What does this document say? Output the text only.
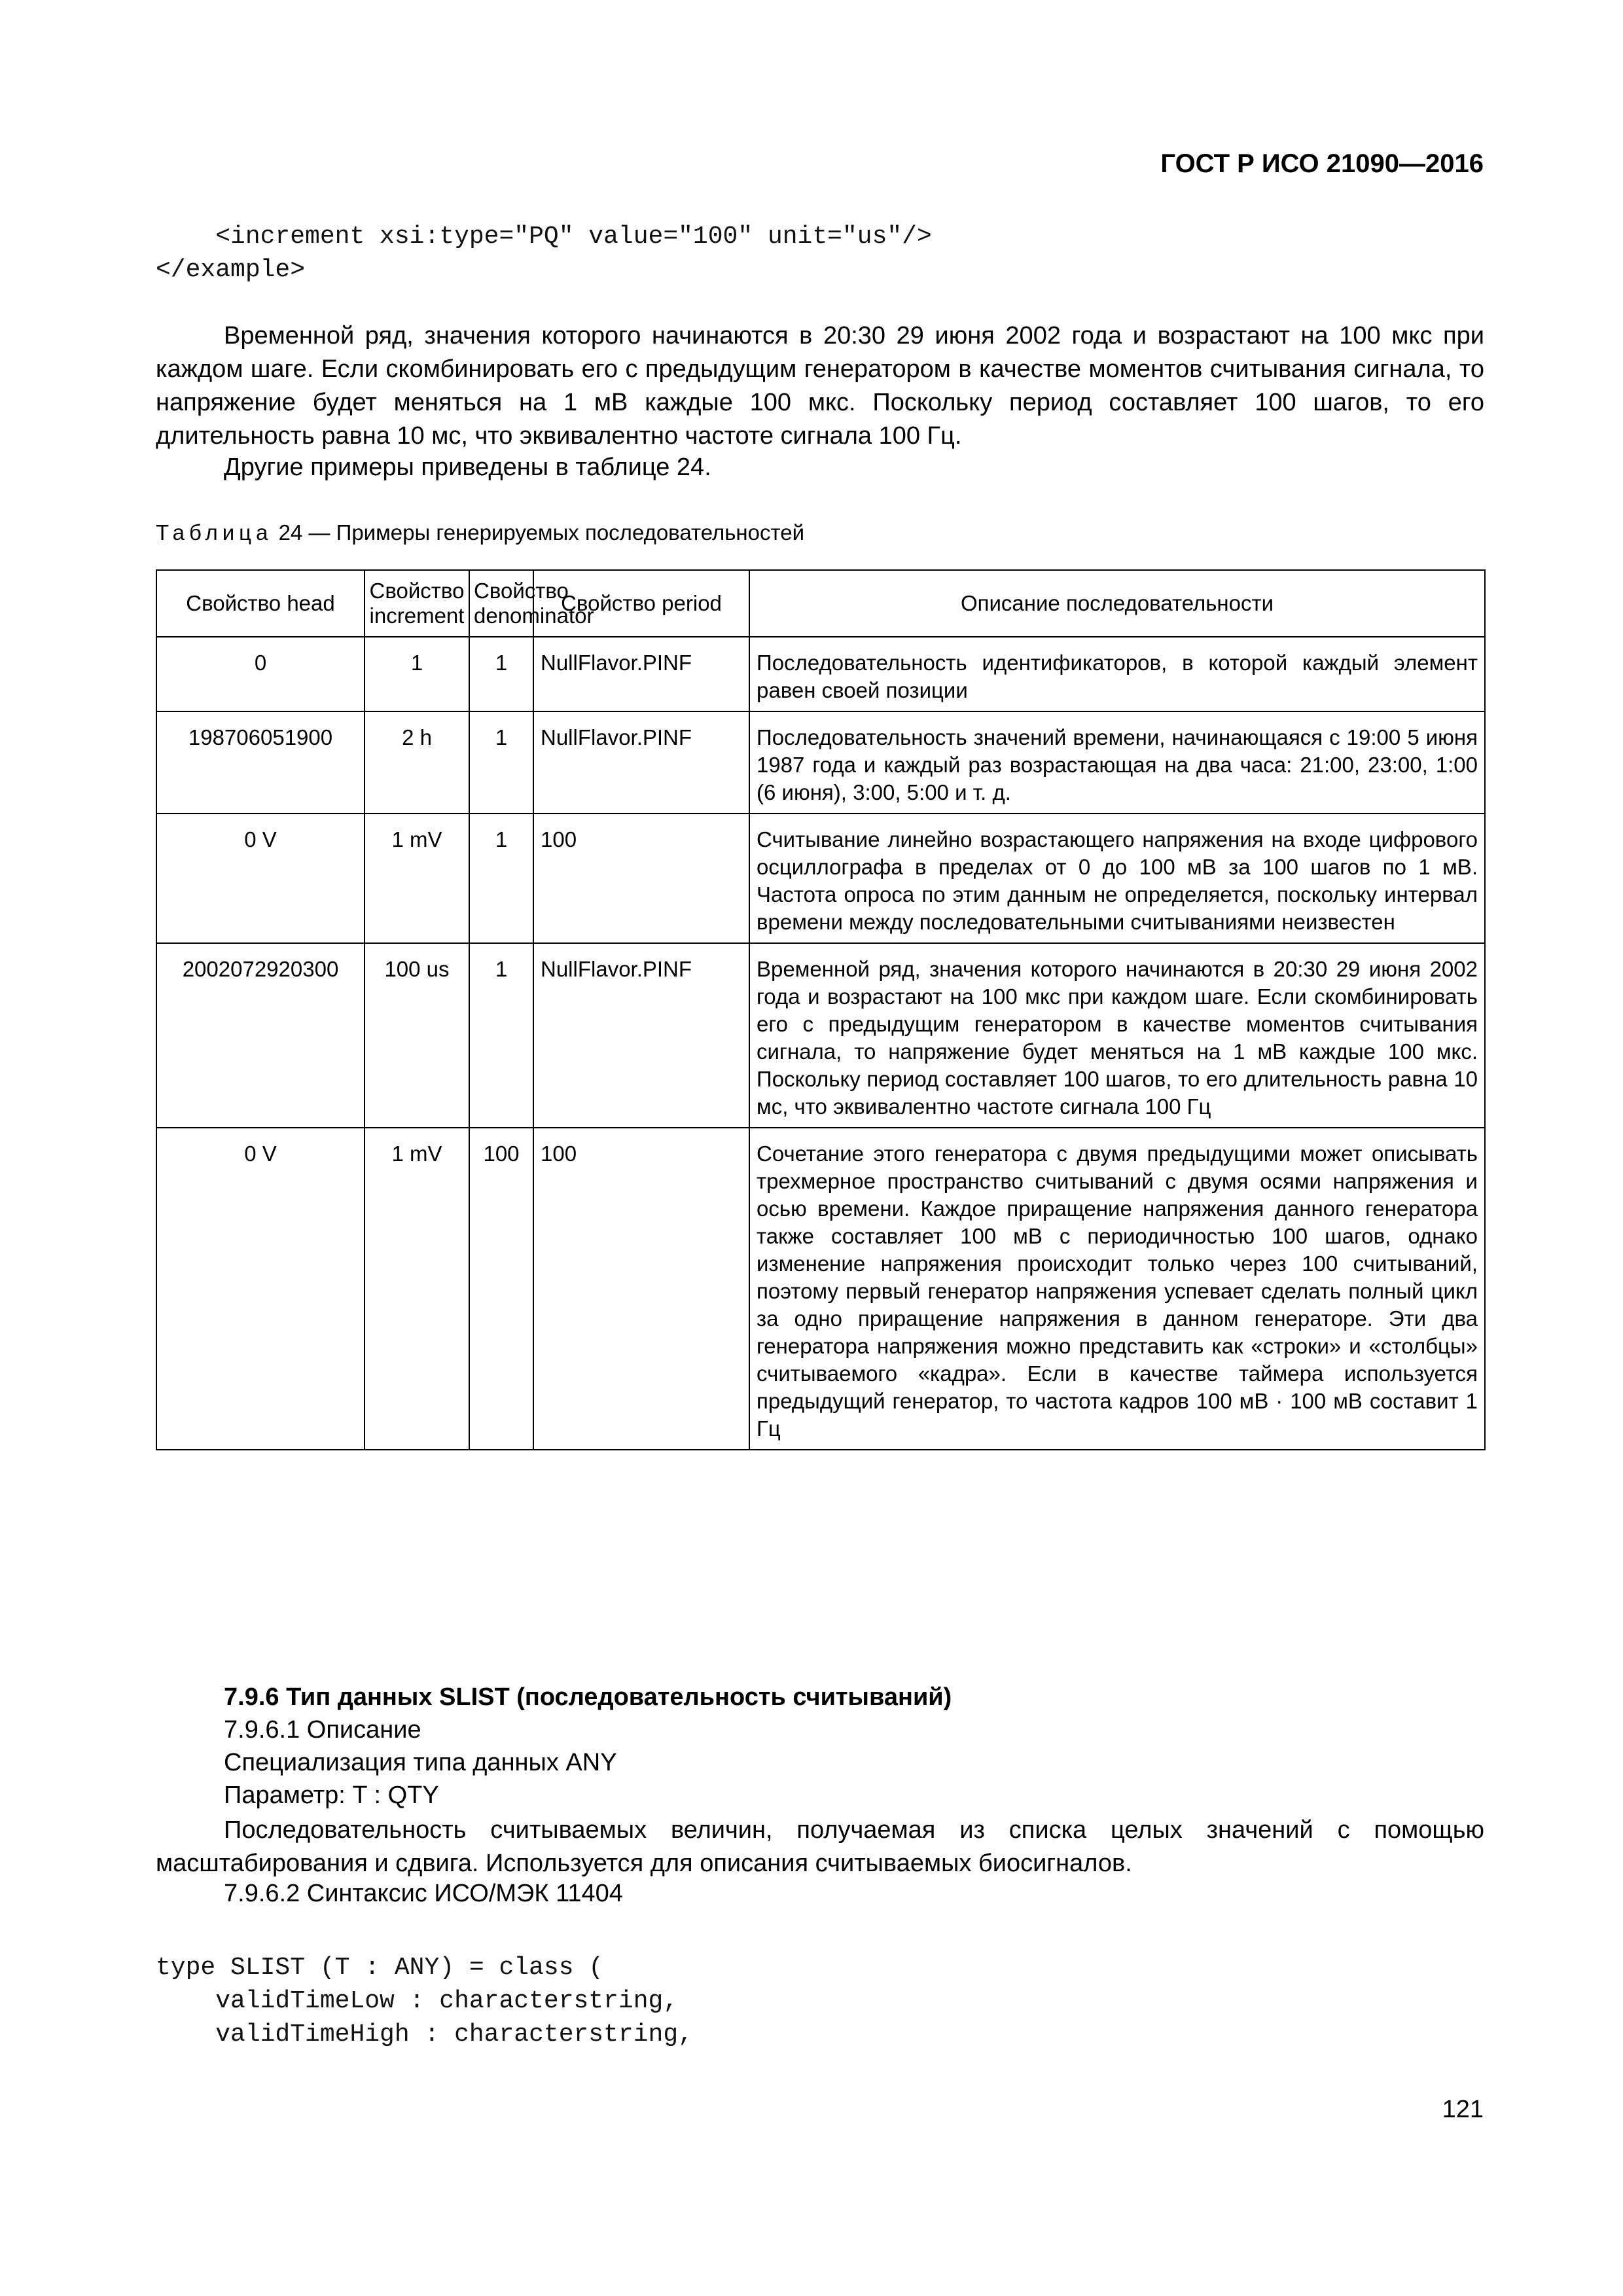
ГОСТ Р ИСО 21090—2016
<increment xsi:type="PQ" value="100" unit="us"/>
</example>
Временной ряд, значения которого начинаются в 20:30 29 июня 2002 года и возрастают на 100 мкс при каждом шаге. Если скомбинировать его с предыдущим генератором в качестве моментов считывания сигнала, то напряжение будет меняться на 1 мВ каждые 100 мкс. Поскольку период составляет 100 шагов, то его длительность равна 10 мс, что эквивалентно частоте сигнала 100 Гц.
Другие примеры приведены в таблице 24.
Таблица 24 — Примеры генерируемых последовательностей
Свойство head	Свойство increment	Свойство denominator	Свойство period	Описание последовательности
0	1	1	NullFlavor.PINF	Последовательность идентификаторов, в которой каждый элемент равен своей позиции
198706051900	2 h	1	NullFlavor.PINF	Последовательность значений времени, начинающаяся с 19:00 5 июня 1987 года и каждый раз возрастающая на два часа: 21:00, 23:00, 1:00 (6 июня), 3:00, 5:00 и т. д.
0 V	1 mV	1	100	Считывание линейно возрастающего напряжения на входе цифрового осциллографа в пределах от 0 до 100 мВ за 100 шагов по 1 мВ. Частота опроса по этим данным не определяется, поскольку интервал времени между последовательными считываниями неизвестен
2002072920300	100 us	1	NullFlavor.PINF	Временной ряд, значения которого начинаются в 20:30 29 июня 2002 года и возрастают на 100 мкс при каждом шаге. Если скомбинировать его с предыдущим генератором в качестве моментов считывания сигнала, то напряжение будет меняться на 1 мВ каждые 100 мкс. Поскольку период составляет 100 шагов, то его длительность равна 10 мс, что эквивалентно частоте сигнала 100 Гц
0 V	1 mV	100	100	Сочетание этого генератора с двумя предыдущими может описывать трехмерное пространство считываний с двумя осями напряжения и осью времени. Каждое приращение напряжения данного генератора также составляет 100 мВ с периодичностью 100 шагов, однако изменение напряжения происходит только через 100 считываний, поэтому первый генератор напряжения успевает сделать полный цикл за одно приращение напряжения в данном генераторе. Эти два генератора напряжения можно представить как «строки» и «столбцы» считываемого «кадра». Если в качестве таймера используется предыдущий генератор, то частота кадров 100 мВ · 100 мВ составит 1 Гц
7.9.6 Тип данных SLIST (последовательность считываний)
7.9.6.1 Описание
Специализация типа данных ANY
Параметр: T : QTY
Последовательность считываемых величин, получаемая из списка целых значений с помощью масштабирования и сдвига. Используется для описания считываемых биосигналов.
7.9.6.2 Синтаксис ИСО/МЭК 11404
type SLIST (T : ANY) = class (
validTimeLow : characterstring,
validTimeHigh : characterstring,
121
